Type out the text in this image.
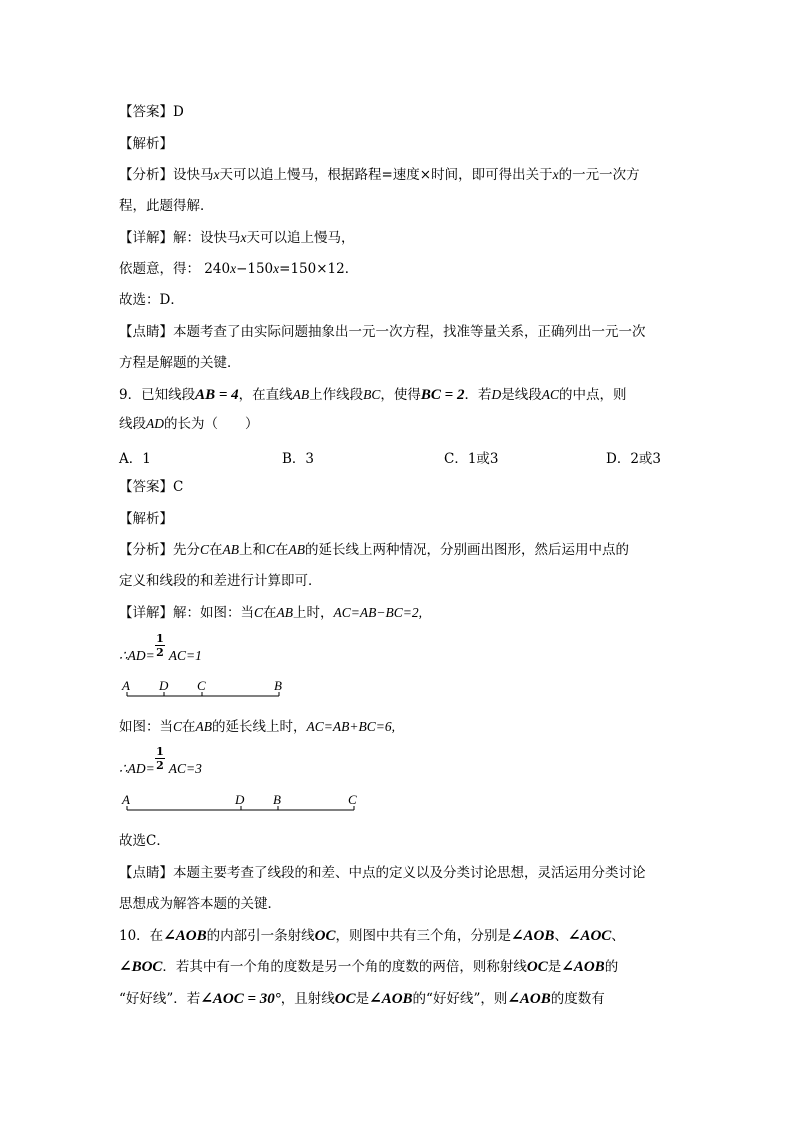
【答案】D
【解析】
【分析】设快马x天可以追上慢马，根据路程=速度×时间，即可得出关于x的一元一次方
程，此题得解．
【详解】解：设快马x天可以追上慢马，
依题意，得： 240x−150x=150×12．
故选：D．
【点睛】本题考查了由实际问题抽象出一元一次方程，找准等量关系，正确列出一元一次
方程是解题的关键．
9．已知线段AB = 4，在直线AB上作线段BC，使得BC = 2．若D是线段AC的中点，则
线段AD的长为（　　）
A．1	B．3	C．1或3	D．2或3
【答案】C
【解析】
【分析】先分C在AB上和C在AB的延长线上两种情况，分别画出图形，然后运用中点的
定义和线段的和差进行计算即可．
【详解】解：如图：当C在AB上时，AC=AB−BC=2,
∴AD= AC=1
1
2
A D C	B
如图：当C在AB的延长线上时，AC=AB+BC=6,
∴AD= AC=3
1
2
A	D B	C
故选C．
【点睛】本题主要考查了线段的和差、中点的定义以及分类讨论思想，灵活运用分类讨论
思想成为解答本题的关键．
10．在∠AOB的内部引一条射线OC，则图中共有三个角，分别是∠AOB、∠AOC、
∠BOC．若其中有一个角的度数是另一个角的度数的两倍，则称射线OC是∠AOB的
“好好线”．若∠AOC = 30°，且射线OC是∠AOB的“好好线”，则∠AOB的度数有
